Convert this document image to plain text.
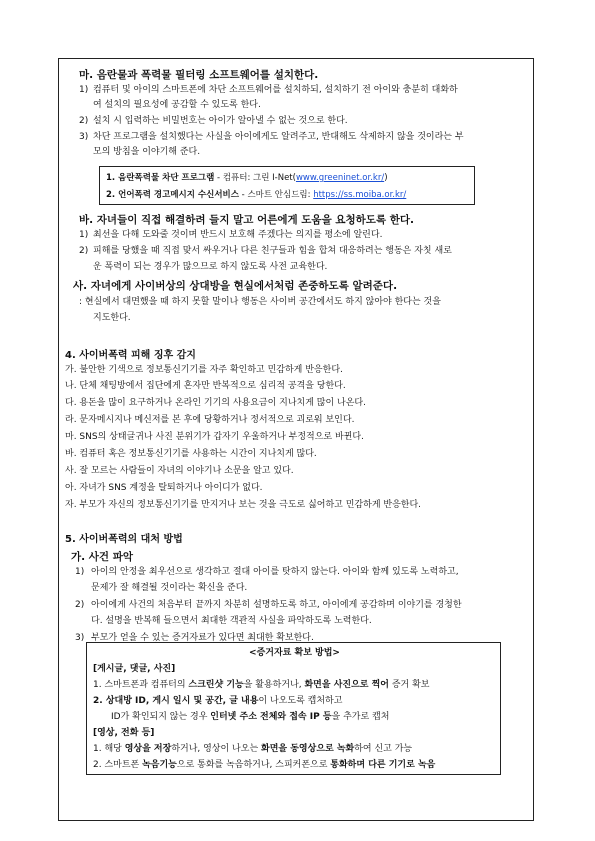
마. 음란물과 폭력물 필터링 소프트웨어를 설치한다.
1) 컴퓨터 및 아이의 스마트폰에 차단 소프트웨어를 설치하되, 설치하기 전 아이와 충분히 대화하
여 설치의 필요성에 공감할 수 있도록 한다.
2) 설치 시 입력하는 비밀번호는 아이가 알아낼 수 없는 것으로 한다.
3) 차단 프로그램을 설치했다는 사실을 아이에게도 알려주고, 반대해도 삭제하지 않을 것이라는 부
모의 방침을 이야기해 준다.
1. 음란폭력물 차단 프로그램 - 컴퓨터: 그린 I-Net(www.greeninet.or.kr/)
2. 언어폭력 경고메시지 수신서비스 - 스마트 안심드림: https://ss.moiba.or.kr/
바. 자녀들이 직접 해결하려 들지 말고 어른에게 도움을 요청하도록 한다.
1) 최선을 다해 도와줄 것이며 반드시 보호해 주겠다는 의지를 평소에 알린다.
2) 피해를 당했을 때 직접 맞서 싸우거나 다른 친구들과 힘을 합쳐 대응하려는 행동은 자칫 새로
운 폭력이 되는 경우가 많으므로 하지 않도록 사전 교육한다.
사. 자녀에게 사이버상의 상대방을 현실에서처럼 존중하도록 알려준다.
: 현실에서 대면했을 때 하지 못할 말이나 행동은 사이버 공간에서도 하지 않아야 한다는 것을
지도한다.
4. 사이버폭력 피해 징후 감지
가. 불안한 기색으로 정보통신기기를 자주 확인하고 민감하게 반응한다.
나. 단체 채팅방에서 집단에게 혼자만 반복적으로 심리적 공격을 당한다.
다. 용돈을 많이 요구하거나 온라인 기기의 사용요금이 지나치게 많이 나온다.
라. 문자메시지나 메신저를 본 후에 당황하거나 정서적으로 괴로워 보인다.
마. SNS의 상태글귀나 사진 분위기가 갑자기 우울하거나 부정적으로 바뀐다.
바. 컴퓨터 혹은 정보통신기기를 사용하는 시간이 지나치게 많다.
사. 잘 모르는 사람들이 자녀의 이야기나 소문을 알고 있다.
아. 자녀가 SNS 계정을 탈퇴하거나 아이디가 없다.
자. 부모가 자신의 정보통신기기를 만지거나 보는 것을 극도로 싫어하고 민감하게 반응한다.
5. 사이버폭력의 대처 방법
가. 사건 파악
1) 아이의 안정을 최우선으로 생각하고 절대 아이를 탓하지 않는다. 아이와 함께 있도록 노력하고,
문제가 잘 해결될 것이라는 확신을 준다.
2) 아이에게 사건의 처음부터 끝까지 차분히 설명하도록 하고, 아이에게 공감하며 이야기를 경청한
다. 설명을 반복해 들으면서 최대한 객관적 사실을 파악하도록 노력한다.
3) 부모가 얻을 수 있는 증거자료가 있다면 최대한 확보한다.
<증거자료 확보 방법>
[게시글, 댓글, 사진]
1. 스마트폰과 컴퓨터의 스크린샷 기능을 활용하거나, 화면을 사진으로 찍어 증거 확보
2. 상대방 ID, 게시 일시 및 공간, 글 내용이 나오도록 캡처하고
ID가 확인되지 않는 경우 인터넷 주소 전체와 접속 IP 등을 추가로 캡처
[영상, 전화 등]
1. 해당 영상을 저장하거나, 영상이 나오는 화면을 동영상으로 녹화하여 신고 가능
2. 스마트폰 녹음기능으로 통화를 녹음하거나, 스피커폰으로 통화하며 다른 기기로 녹음
